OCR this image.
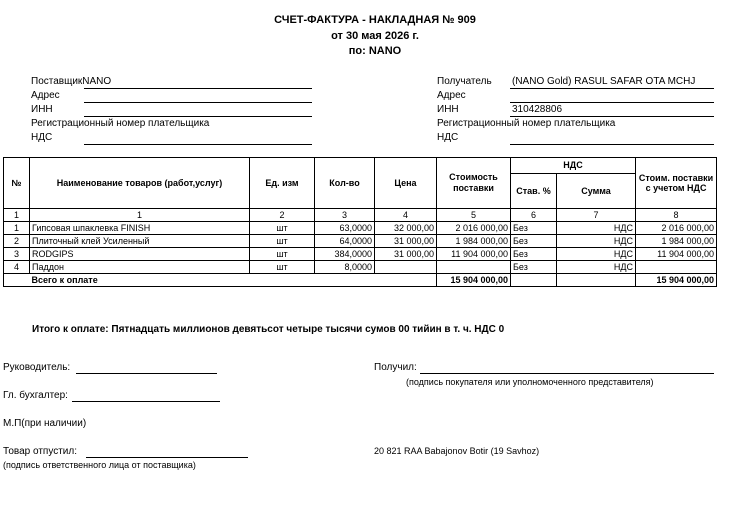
СЧЕТ-ФАКТУРА - НАКЛАДНАЯ № 909
от 30 мая 2026 г.
по: NANO
ПоставщикNANO
Адрес
ИНН
Регистрационный номер плательщика
НДС
Получатель (NANO Gold) RASUL SAFAR OTA MCHJ
Адрес
ИНН	310428806
Регистрационный номер плательщика
НДС
№	Наименование товаров (работ,услуг)	Ед. изм	Кол-во	Цена	Стоимость поставки	НДС		Стоим. поставки с учетом НДС
						Став. %	Сумма	
1	1	2	3	4	5	6	7	8
1	Гипсовая шпаклевка FINISH	шт	63,0000	32 000,00	2 016 000,00	Без	НДС	2 016 000,00
2	Плиточный клей Усиленный	шт	64,0000	31 000,00	1 984 000,00	Без	НДС	1 984 000,00
3	RODGIPS	шт	384,0000	31 000,00	11 904 000,00	Без	НДС	11 904 000,00
4	Паддон	шт	8,0000			Без	НДС	
	Всего к оплате				15 904 000,00			15 904 000,00
Итого к оплате: Пятнадцать миллионов девятьсот четыре тысячи сумов 00 тийин в т. ч. НДС 0
Руководитель:	Получил:
(подпись покупателя или уполномоченного представителя)
Гл. бухгалтер:
М.П(при наличии)
Товар отпустил:
(подпись ответственного лица от поставщика)
20 821 RAA Babajonov Botir (19 Savhoz)
